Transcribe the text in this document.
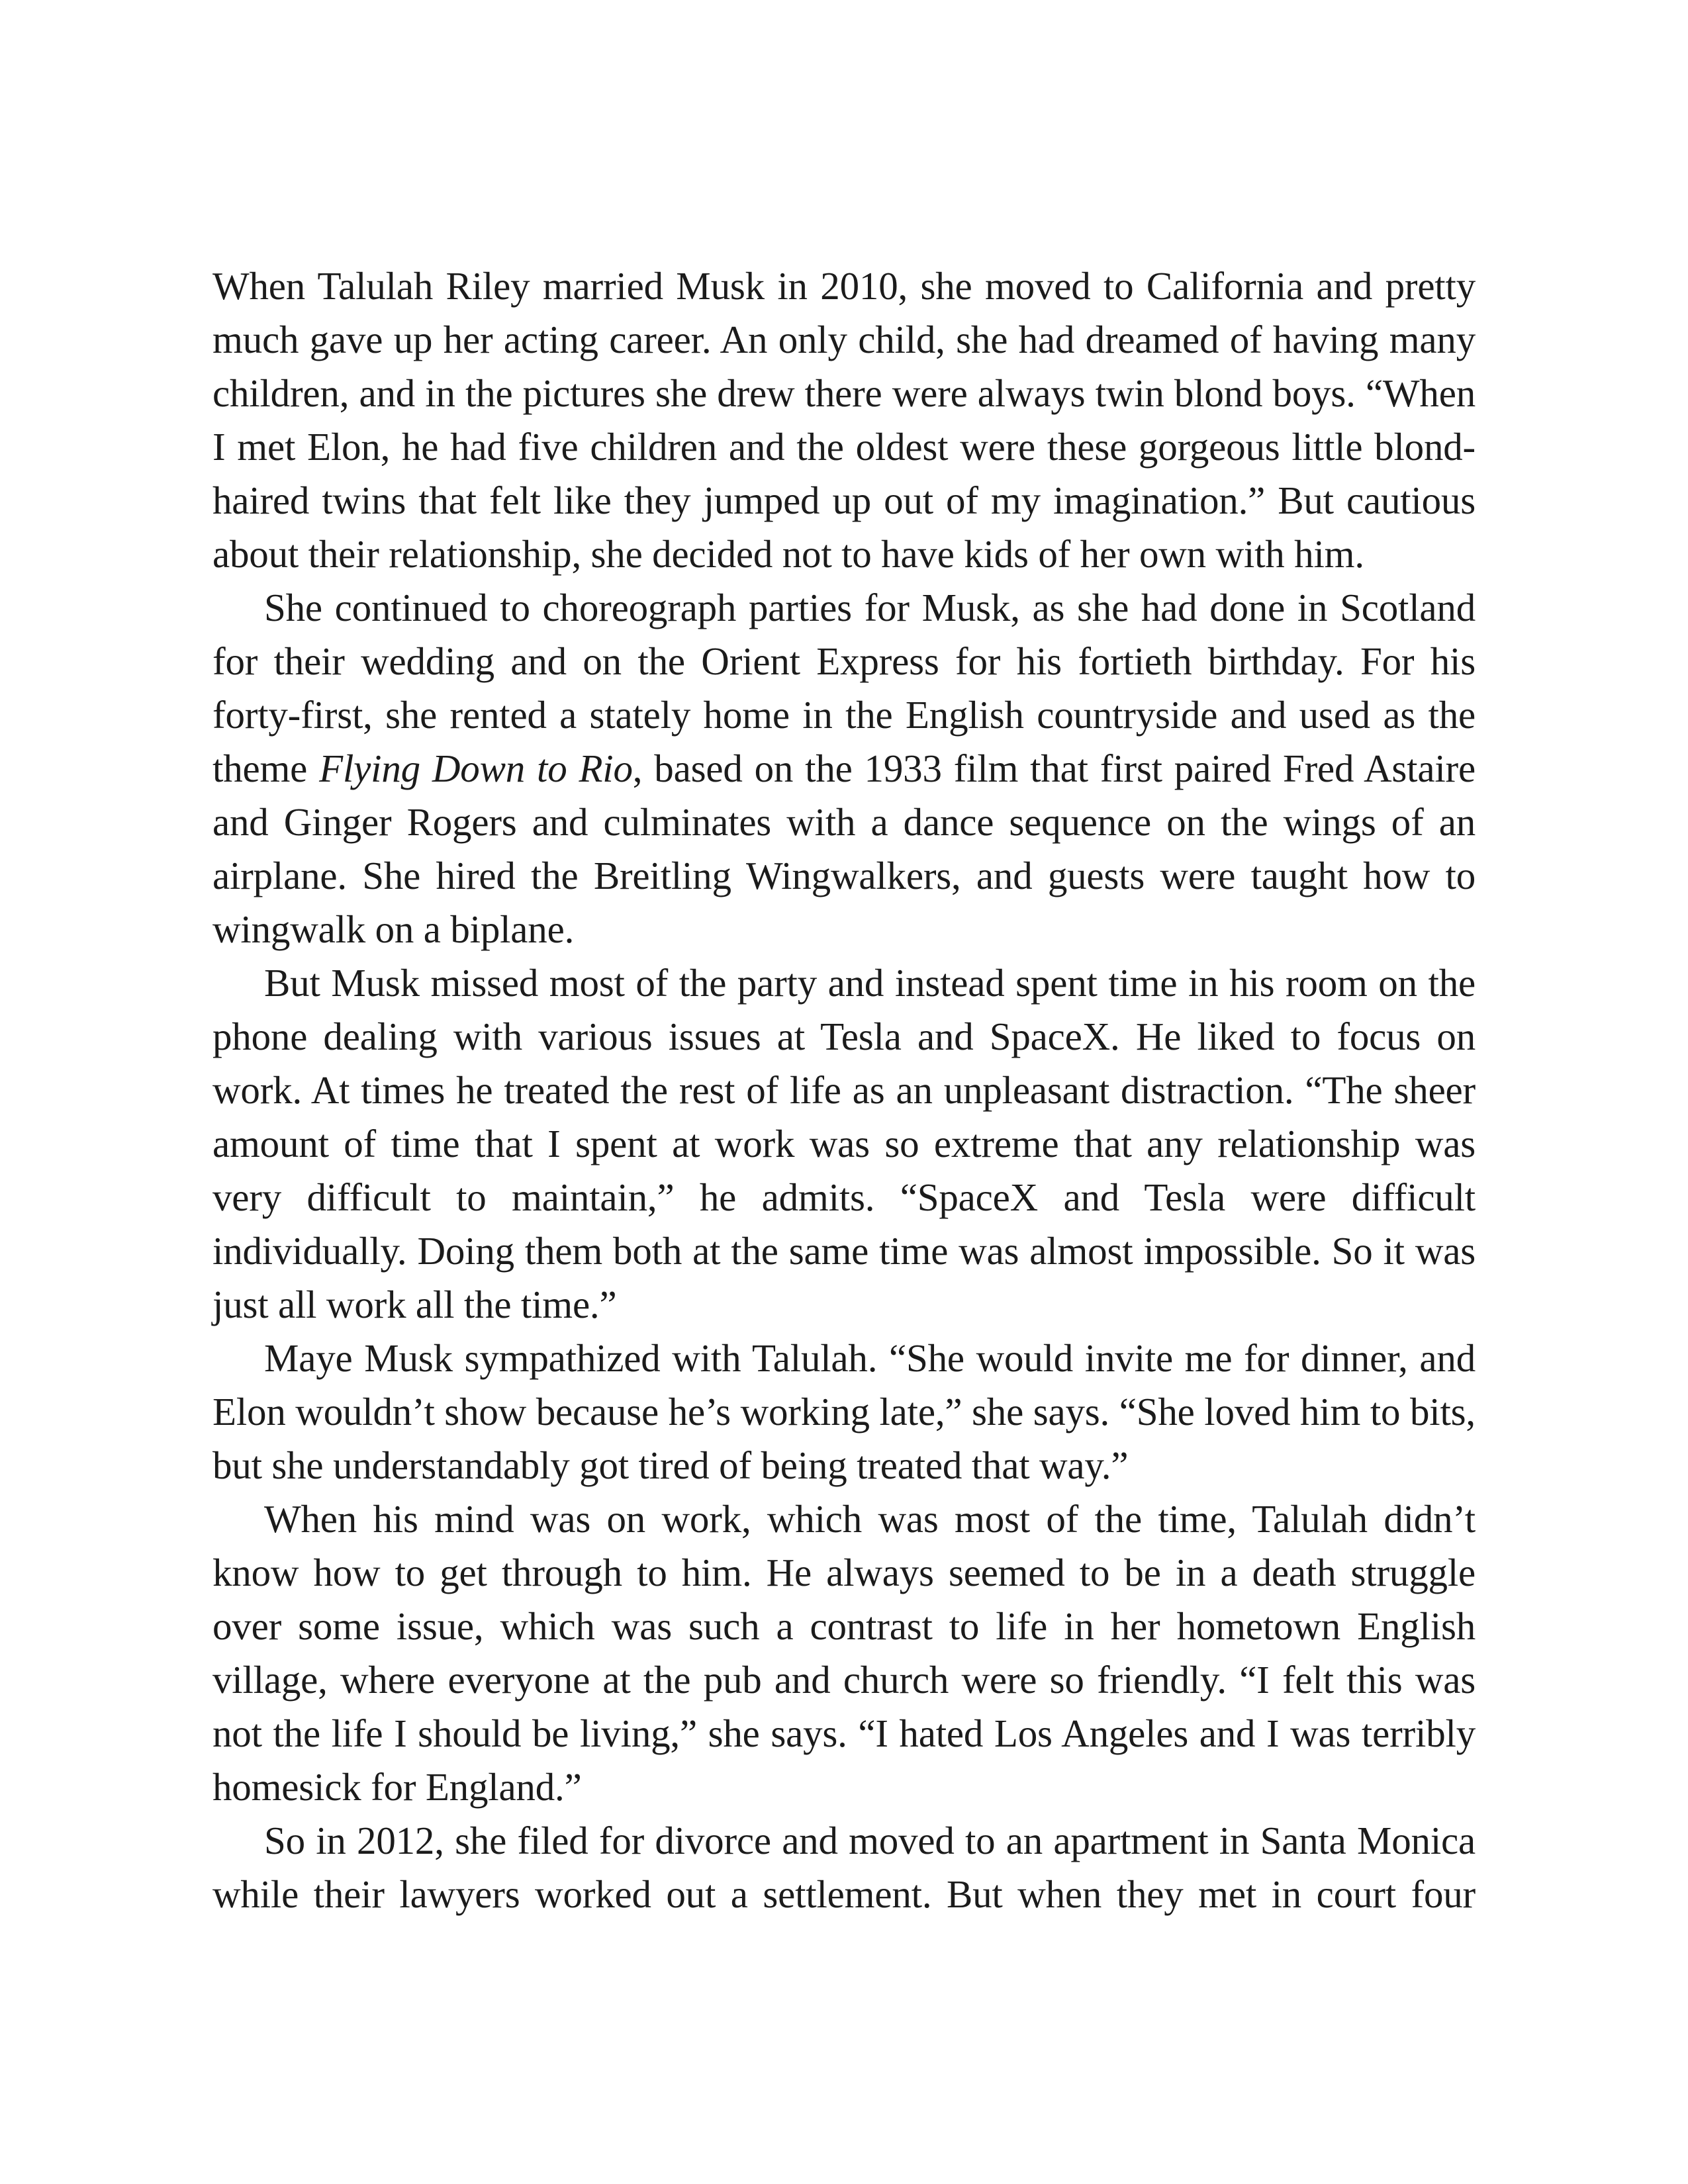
When Talulah Riley married Musk in 2010, she moved to California and pretty much gave up her acting career. An only child, she had dreamed of having many children, and in the pictures she drew there were always twin blond boys. “When I met Elon, he had five children and the oldest were these gorgeous little blond-haired twins that felt like they jumped up out of my imagination.” But cautious about their relationship, she decided not to have kids of her own with him.

She continued to choreograph parties for Musk, as she had done in Scotland for their wedding and on the Orient Express for his fortieth birthday. For his forty-first, she rented a stately home in the English countryside and used as the theme Flying Down to Rio, based on the 1933 film that first paired Fred Astaire and Ginger Rogers and culminates with a dance sequence on the wings of an airplane. She hired the Breitling Wingwalkers, and guests were taught how to wingwalk on a biplane.

But Musk missed most of the party and instead spent time in his room on the phone dealing with various issues at Tesla and SpaceX. He liked to focus on work. At times he treated the rest of life as an unpleasant distraction. “The sheer amount of time that I spent at work was so extreme that any relationship was very difficult to maintain,” he admits. “SpaceX and Tesla were difficult individually. Doing them both at the same time was almost impossible. So it was just all work all the time.”

Maye Musk sympathized with Talulah. “She would invite me for dinner, and Elon wouldn’t show because he’s working late,” she says. “She loved him to bits, but she understandably got tired of being treated that way.”

When his mind was on work, which was most of the time, Talulah didn’t know how to get through to him. He always seemed to be in a death struggle over some issue, which was such a contrast to life in her hometown English village, where everyone at the pub and church were so friendly. “I felt this was not the life I should be living,” she says. “I hated Los Angeles and I was terribly homesick for England.”

So in 2012, she filed for divorce and moved to an apartment in Santa Monica while their lawyers worked out a settlement. But when they met in court four
